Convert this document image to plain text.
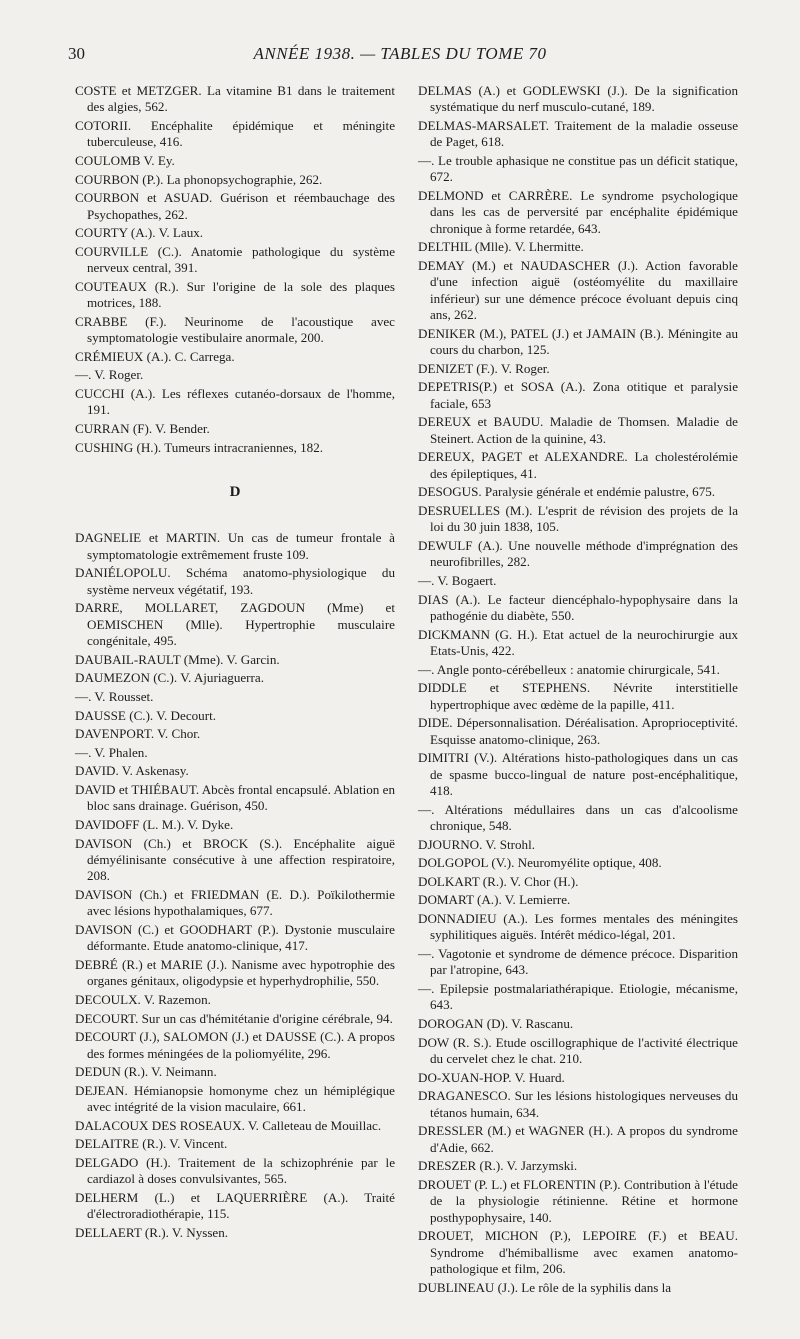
30	ANNÉE 1938. — TABLES DU TOME 70
COSTE et METZGER. La vitamine B1 dans le traitement des algies, 562.
COTORII. Encéphalite épidémique et méningite tuberculeuse, 416.
COULOMB V. Ey.
COURBON (P.). La phonopsychographie, 262.
COURBON et ASUAD. Guérison et réembauchage des Psychopathes, 262.
COURTY (A.). V. Laux.
COURVILLE (C.). Anatomie pathologique du système nerveux central, 391.
COUTEAUX (R.). Sur l'origine de la sole des plaques motrices, 188.
CRABBE (F.). Neurinome de l'acoustique avec symptomatologie vestibulaire anormale, 200.
CRÉMIEUX (A.). C. Carrega.
—. V. Roger.
CUCCHI (A.). Les réflexes cutanéo-dorsaux de l'homme, 191.
CURRAN (F). V. Bender.
CUSHING (H.). Tumeurs intracraniennes, 182.
D
DAGNELIE et MARTIN. Un cas de tumeur frontale à symptomatologie extrêmement fruste 109.
DANIÉLOPOLU. Schéma anatomo-physiologique du système nerveux végétatif, 193.
DARRE, MOLLARET, ZAGDOUN (Mme) et OEMISCHEN (Mlle). Hypertrophie musculaire congénitale, 495.
DAUBAIL-RAULT (Mme). V. Garcin.
DAUMEZON (C.). V. Ajuriaguerra.
—. V. Rousset.
DAUSSE (C.). V. Decourt.
DAVENPORT. V. Chor.
—. V. Phalen.
DAVID. V. Askenasy.
DAVID et THIÉBAUT. Abcès frontal encapsulé. Ablation en bloc sans drainage. Guérison, 450.
DAVIDOFF (L. M.). V. Dyke.
DAVISON (Ch.) et BROCK (S.). Encéphalite aiguë démyélinisante consécutive à une affection respiratoire, 208.
DAVISON (Ch.) et FRIEDMAN (E. D.). Poïkilothermie avec lésions hypothalamiques, 677.
DAVISON (C.) et GOODHART (P.). Dystonie musculaire déformante. Etude anatomo-clinique, 417.
DEBRÉ (R.) et MARIE (J.). Nanisme avec hypotrophie des organes génitaux, oligodypsie et hyperhydrophilie, 550.
DECOULX. V. Razemon.
DECOURT. Sur un cas d'hémitétanie d'origine cérébrale, 94.
DECOURT (J.), SALOMON (J.) et DAUSSE (C.). A propos des formes méningées de la poliomyélite, 296.
DEDUN (R.). V. Neimann.
DEJEAN. Hémianopsie homonyme chez un hémiplégique avec intégrité de la vision maculaire, 661.
DALACOUX DES ROSEAUX. V. Calleteau de Mouillac.
DELAITRE (R.). V. Vincent.
DELGADO (H.). Traitement de la schizophrénie par le cardiazol à doses convulsivantes, 565.
DELHERM (L.) et LAQUERRIÈRE (A.). Traité d'électroradiothérapie, 115.
DELLAERT (R.). V. Nyssen.
DELMAS (A.) et GODLEWSKI (J.). De la signification systématique du nerf musculo-cutané, 189.
DELMAS-MARSALET. Traitement de la maladie osseuse de Paget, 618.
—. Le trouble aphasique ne constitue pas un déficit statique, 672.
DELMOND et CARRÈRE. Le syndrome psychologique dans les cas de perversité par encéphalite épidémique chronique à forme retardée, 643.
DELTHIL (Mlle). V. Lhermitte.
DEMAY (M.) et NAUDASCHER (J.). Action favorable d'une infection aiguë (ostéomyélite du maxillaire inférieur) sur une démence précoce évoluant depuis cinq ans, 262.
DENIKER (M.), PATEL (J.) et JAMAIN (B.). Méningite au cours du charbon, 125.
DENIZET (F.). V. Roger.
DEPETRIS(P.) et SOSA (A.). Zona otitique et paralysie faciale, 653
DEREUX et BAUDU. Maladie de Thomsen. Maladie de Steinert. Action de la quinine, 43.
DEREUX, PAGET et ALEXANDRE. La cholestérolémie des épileptiques, 41.
DESOGUS. Paralysie générale et endémie palustre, 675.
DESRUELLES (M.). L'esprit de révision des projets de la loi du 30 juin 1838, 105.
DEWULF (A.). Une nouvelle méthode d'imprégnation des neurofibrilles, 282.
—. V. Bogaert.
DIAS (A.). Le facteur diencéphalo-hypophysaire dans la pathogénie du diabète, 550.
DICKMANN (G. H.). Etat actuel de la neurochirurgie aux Etats-Unis, 422.
—. Angle ponto-cérébelleux : anatomie chirurgicale, 541.
DIDDLE et STEPHENS. Névrite interstitielle hypertrophique avec œdème de la papille, 411.
DIDE. Dépersonnalisation. Déréalisation. Aproprioceptivité. Esquisse anatomo-clinique, 263.
DIMITRI (V.). Altérations histo-pathologiques dans un cas de spasme bucco-lingual de nature post-encéphalitique, 418.
—. Altérations médullaires dans un cas d'alcoolisme chronique, 548.
DJOURNO. V. Strohl.
DOLGOPOL (V.). Neuromyélite optique, 408.
DOLKART (R.). V. Chor (H.).
DOMART (A.). V. Lemierre.
DONNADIEU (A.). Les formes mentales des méningites syphilitiques aiguës. Intérêt médico-légal, 201.
—. Vagotonie et syndrome de démence précoce. Disparition par l'atropine, 643.
—. Epilepsie postmalariathérapique. Etiologie, mécanisme, 643.
DOROGAN (D). V. Rascanu.
DOW (R. S.). Etude oscillographique de l'activité électrique du cervelet chez le chat. 210.
DO-XUAN-HOP. V. Huard.
DRAGANESCO. Sur les lésions histologiques nerveuses du tétanos humain, 634.
DRESSLER (M.) et WAGNER (H.). A propos du syndrome d'Adie, 662.
DRESZER (R.). V. Jarzymski.
DROUET (P. L.) et FLORENTIN (P.). Contribution à l'étude de la physiologie rétinienne. Rétine et hormone posthypophysaire, 140.
DROUET, MICHON (P.), LEPOIRE (F.) et BEAU. Syndrome d'hémiballisme avec examen anatomo-pathologique et film, 206.
DUBLINEAU (J.). Le rôle de la syphilis dans la
